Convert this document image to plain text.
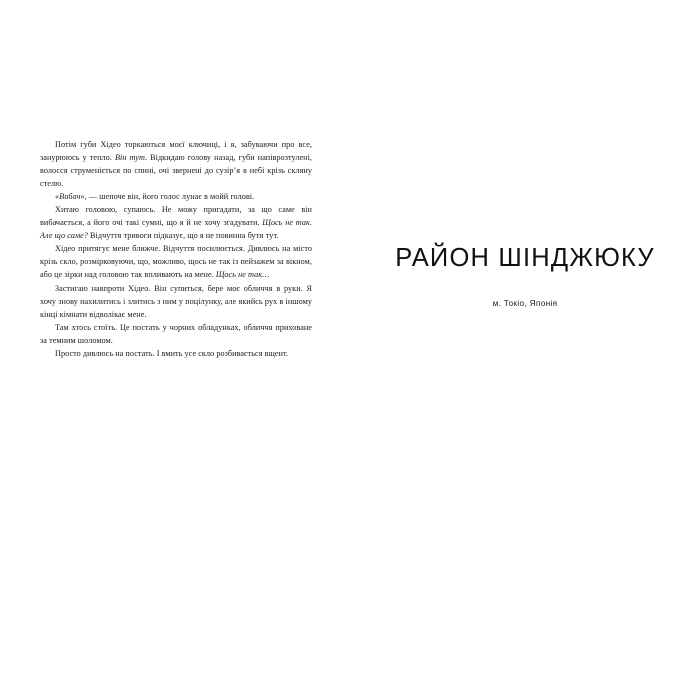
Потім губи Хідео торкаються моєї ключиці, і я, забуваючи про все, занурююсь у тепло. Він тут. Відкидаю голову назад, губи напіврозтулені, волосся струменіється по спині, очі звернені до сузір’я в небі крізь скляну стелю.

«Вибач», — шепоче він, його голос лунає в мойй голові.

Хитаю головою, супаюсь. Не можу пригадати, за що саме він вибачається, а його очі такі сумні, що я й не хочу згадувати. Щось не так. Але що саме? Відчуття тривоги підказує, що я не повинна бути тут.

Хідео притягує мене ближче. Відчуття посилюється. Дивлюсь на місто крізь скло, розмірковуючи, що, можливо, щось не так із пейзажем за вікном, або це зірки над головою так впливають на мене. Щось не так…

Застигаю навпроти Хідео. Він супиться, бере моє обличчя в руки. Я хочу знову нахилитись і злитись з ним у поцілунку, але якийсь рух в іншому кінці кімнати відволікає мене.

Там хтось стоїть. Це постать у чорних обладунках, обличчя приховане за темним шоломом.

Просто дивлюсь на постать. І вмить усе скло розбивається вщент.

РАЙОН ШІНДЖЮКУ

м. Токіо, Японія
